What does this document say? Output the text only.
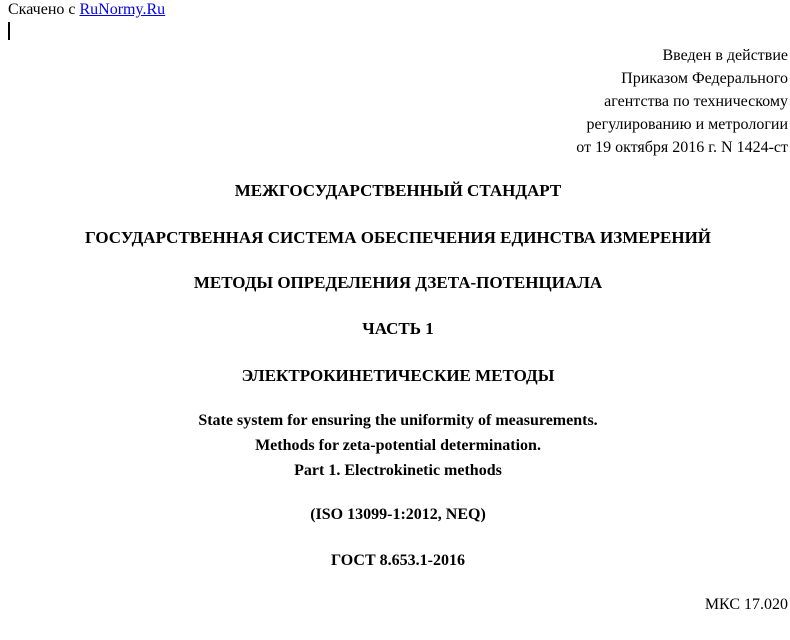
Скачено с RuNormy.Ru
Введен в действие
Приказом Федерального
агентства по техническому
регулированию и метрологии
от 19 октября 2016 г. N 1424-ст
МЕЖГОСУДАРСТВЕННЫЙ СТАНДАРТ
ГОСУДАРСТВЕННАЯ СИСТЕМА ОБЕСПЕЧЕНИЯ ЕДИНСТВА ИЗМЕРЕНИЙ
МЕТОДЫ ОПРЕДЕЛЕНИЯ ДЗЕТА-ПОТЕНЦИАЛА
ЧАСТЬ 1
ЭЛЕКТРОКИНЕТИЧЕСКИЕ МЕТОДЫ
State system for ensuring the uniformity of measurements.
Methods for zeta-potential determination.
Part 1. Electrokinetic methods
(ISO 13099-1:2012, NEQ)
ГОСТ 8.653.1-2016
МКС 17.020
